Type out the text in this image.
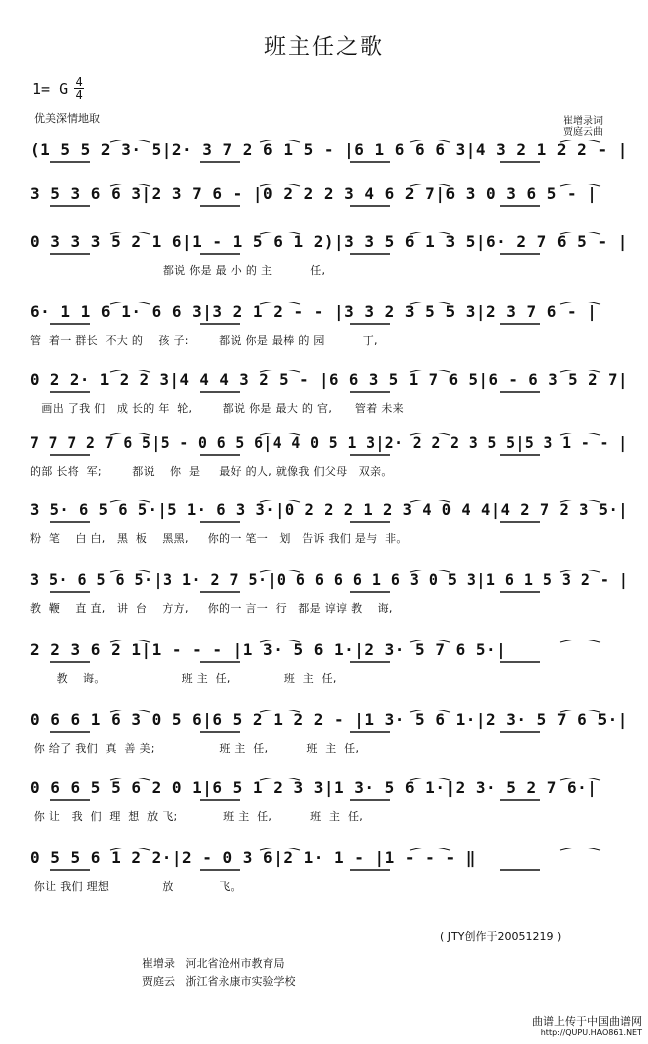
班主任之歌
1= G $\frac{4}{4}$
优美深情地取	崔增录词
贾庭云曲
(1 5 5 2 3· 5|2· 3 7 2 6 1 5 - |6 1 6 6 6 3|4 3 2 1 2 2 - |
3 5 3 6 6 3|2 3 7 6 - |0 2 2 2 3 4 6 2 7|6 3 0 3 6 5 - |
0 3 3 3 5 2 1 6|1 - 1 5 6 1 2)|3 3 5 6 1 3 5|6· 2 7 6 5 - |
都说 你是 最 小 的 主          任,
6· 1 1 6 1· 6 6 3|3 2 1 2 - - |3 3 2 3 5 5 3|2 3 7 6 - |
管  着一 群长  不大 的    孩 子:        都说 你是 最棒 的 园          丁,
0 2 2· 1 2 2 3|4 4 4 3 2 5 - |6 6 3 5 1 7 6 5|6 - 6 3 5 2 7|
画出 了我 们   成 长的 年  轮,        都说 你是 最大 的 官,      管着 未来
7 7 7 2 7 6 5|5 - 0 6 5 6|4 4 0 5 1 3|2· 2 2 2 3 5 5|5 3 1 - - |
的部 长将  军;        都说    你  是     最好 的人, 就像我 们父母   双亲。
3 5· 6 5 6 5·|5 1· 6 3 3·|0 2 2 2 1 2 3 4 0 4 4|4 2 7 2 3 5·|
粉  笔    白 白,   黑  板    黑黑,     你的一 笔一   划   告诉 我们 是与  非。
3 5· 6 5 6 5·|3 1· 2 7 5·|0 6 6 6 6 1 6 3 0 5 3|1 6 1 5 3 2 - |
教  鞭    直 直,   讲  台    方方,     你的一 言一  行   都是 谆谆 教    诲,
2 2 3 6 2 1|1 - - - |1 3· 5 6 1·|2 3· 5 7 6 5·|
教    诲。                    班 主  任,              班  主  任,
0 6 6 1 6 3 0 5 6|6 5 2 1 2 2 - |1 3· 5 6 1·|2 3· 5 7 6 5·|
你 给了 我们  真  善 美;                 班 主  任,          班  主  任,
0 6 6 5 5 6 2 0 1|6 5 1 2 3 3|1 3· 5 6 1·|2 3· 5 2 7 6·|
你 让   我  们  理  想  放 飞;            班 主  任,          班  主  任,
0 5 5 6 1 2 2·|2 - 0 3 6|2 1· 1 - |1 - - - ‖
你让 我们 理想              放            飞。
( JTY创作于20051219 )
崔增录 河北省沧州市教育局
贾庭云 浙江省永康市实验学校
曲谱上传于中国曲谱网
http://QUPU.HAO861.NET
